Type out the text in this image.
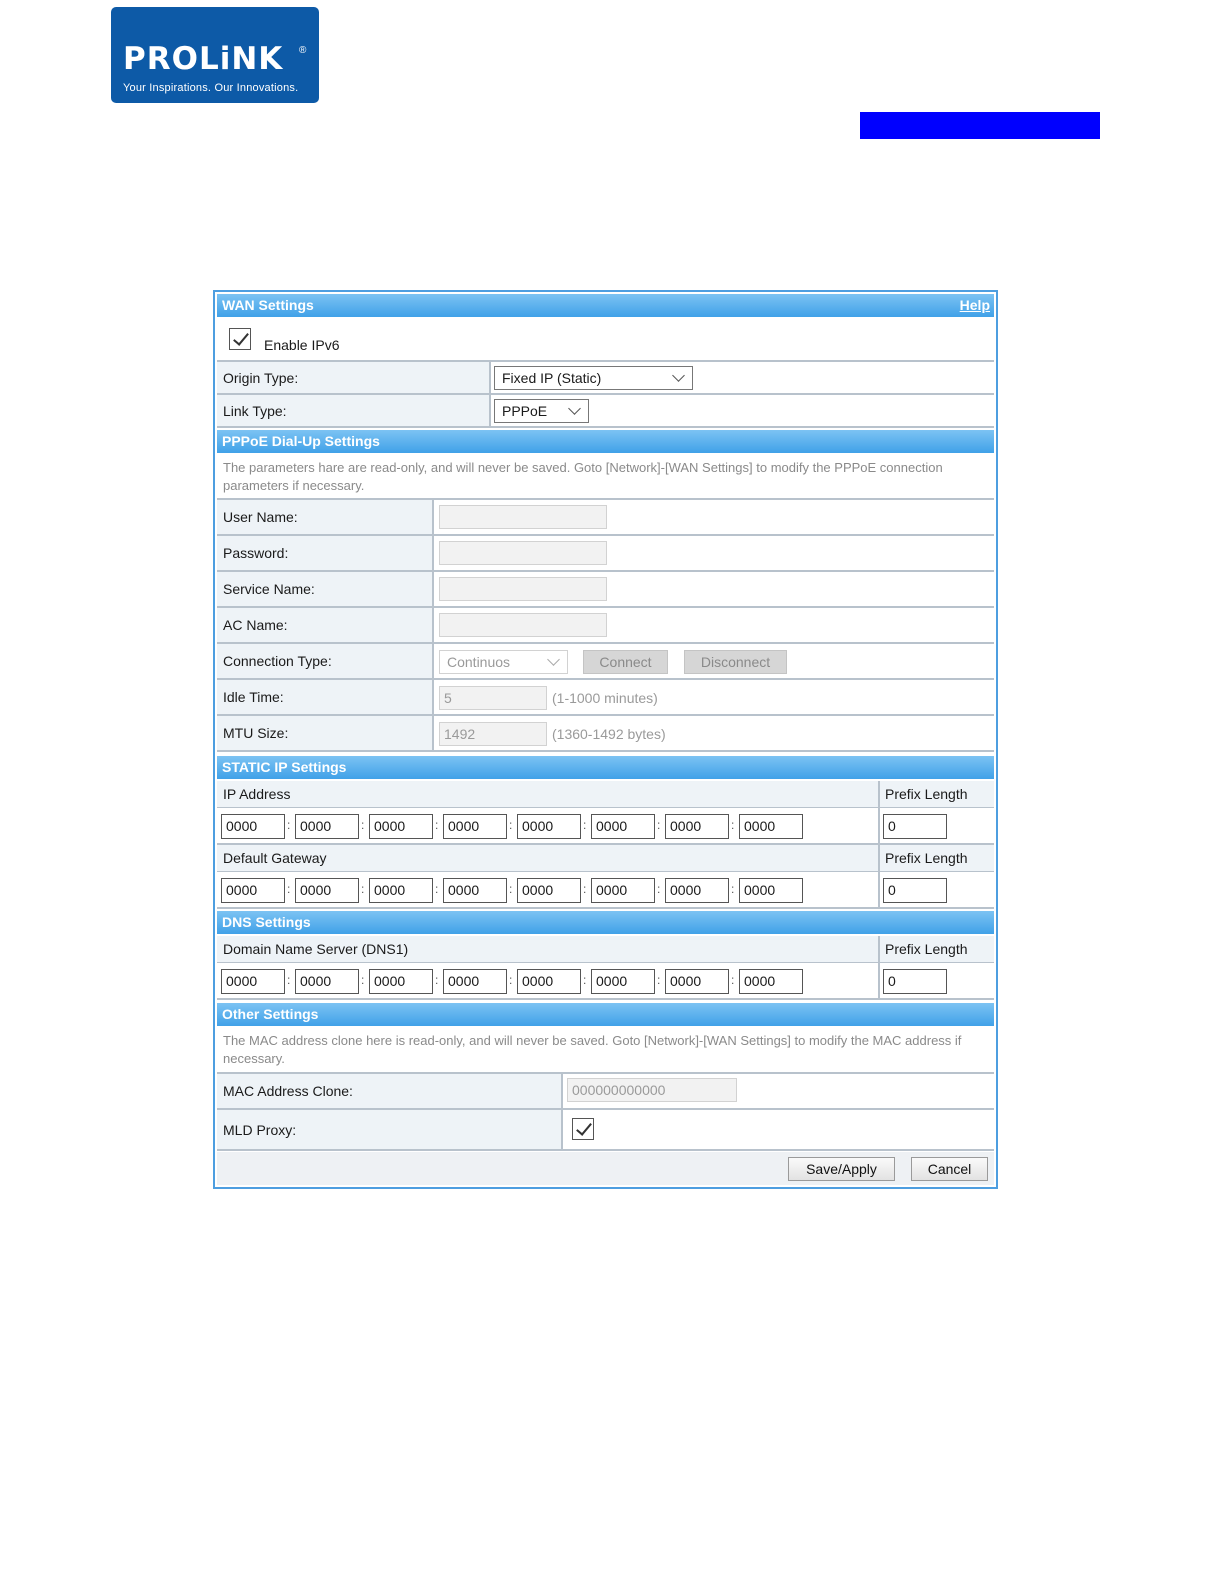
PROLiNK ®
Your Inspirations. Our Innovations.
WAN Settings	Help
Enable IPv6
Origin Type:	Fixed IP (Static)
Link Type:	PPPoE
PPPoE Dial-Up Settings
The parameters hare are read-only, and will never be saved. Goto [Network]-[WAN Settings] to modify the PPPoE connection parameters if necessary.
User Name:
Password:
Service Name:
AC Name:
Connection Type:	Continuos	Connect	Disconnect
Idle Time:	5	(1-1000 minutes)
MTU Size:	1492	(1360-1492 bytes)
STATIC IP Settings
IP Address	Prefix Length
0000	: 0000	: 0000	: 0000	: 0000	: 0000	: 0000	: 0000	0
Default Gateway	Prefix Length
0000	: 0000	: 0000	: 0000	: 0000	: 0000	: 0000	: 0000	0
DNS Settings
Domain Name Server (DNS1)	Prefix Length
0000	: 0000	: 0000	: 0000	: 0000	: 0000	: 0000	: 0000	0
Other Settings
The MAC address clone here is read-only, and will never be saved. Goto [Network]-[WAN Settings] to modify the MAC address if necessary.
MAC Address Clone:	000000000000
MLD Proxy:
Save/Apply	Cancel
